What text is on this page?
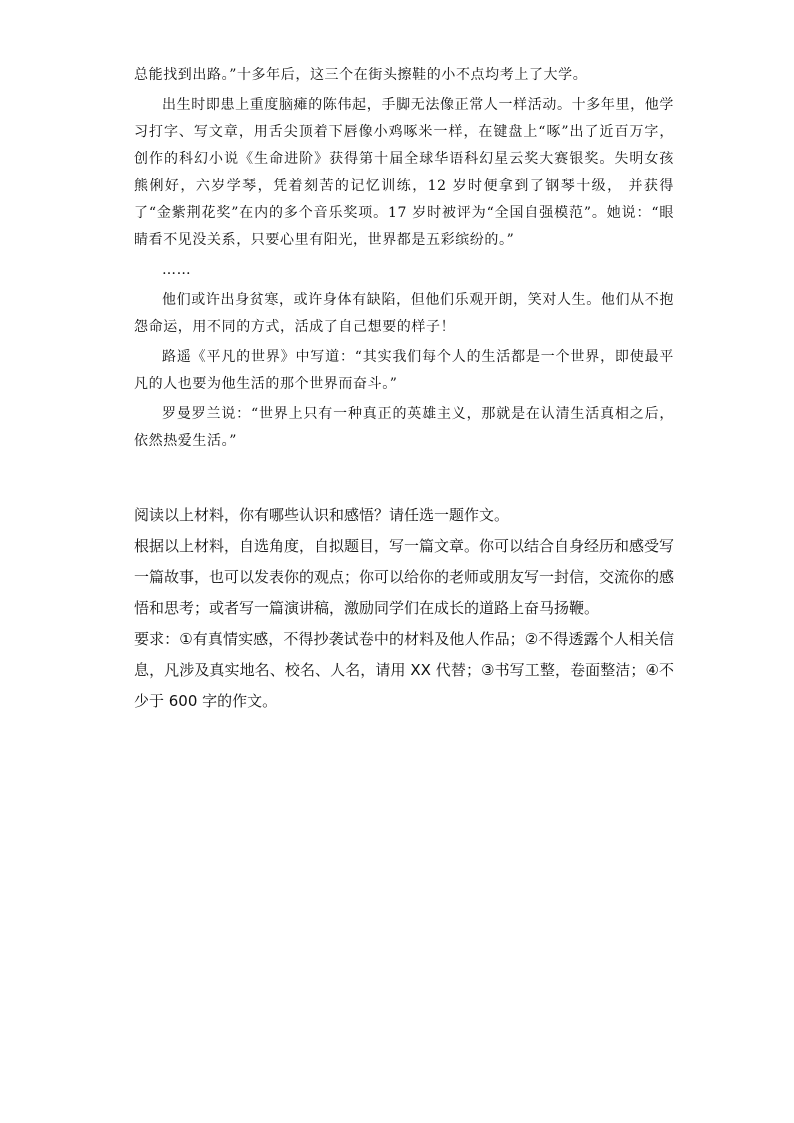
总能找到出路。”十多年后，这三个在街头擦鞋的小不点均考上了大学。

出生时即患上重度脑瘫的陈伟起，手脚无法像正常人一样活动。十多年里，他学习打字、写文章，用舌尖顶着下唇像小鸡啄米一样，在键盘上“啄”出了近百万字， 创作的科幻小说《生命进阶》获得第十届全球华语科幻星云奖大赛银奖。失明女孩熊俐好，六岁学琴，凭着刻苦的记忆训练，12 岁时便拿到了钢琴十级， 并获得了“金紫荆花奖”在内的多个音乐奖项。17 岁时被评为“全国自强模范”。她说：“眼睛看不见没关系，只要心里有阳光，世界都是五彩缤纷的。”

……

他们或许出身贫寒，或许身体有缺陷，但他们乐观开朗，笑对人生。他们从不抱怨命运，用不同的方式，活成了自己想要的样子！

路遥《平凡的世界》中写道：“其实我们每个人的生活都是一个世界，即使最平凡的人也要为他生活的那个世界而奋斗。”

罗曼罗兰说：“世界上只有一种真正的英雄主义，那就是在认清生活真相之后，依然热爱生活。”

阅读以上材料，你有哪些认识和感悟？请任选一题作文。

根据以上材料，自选角度，自拟题目，写一篇文章。你可以结合自身经历和感受写一篇故事，也可以发表你的观点；你可以给你的老师或朋友写一封信，交流你的感悟和思考；或者写一篇演讲稿，激励同学们在成长的道路上奋马扬鞭。

要求：①有真情实感，不得抄袭试卷中的材料及他人作品；②不得透露个人相关信息，凡涉及真实地名、校名、人名，请用 XX 代替；③书写工整，卷面整洁；④不少于 600 字的作文。
